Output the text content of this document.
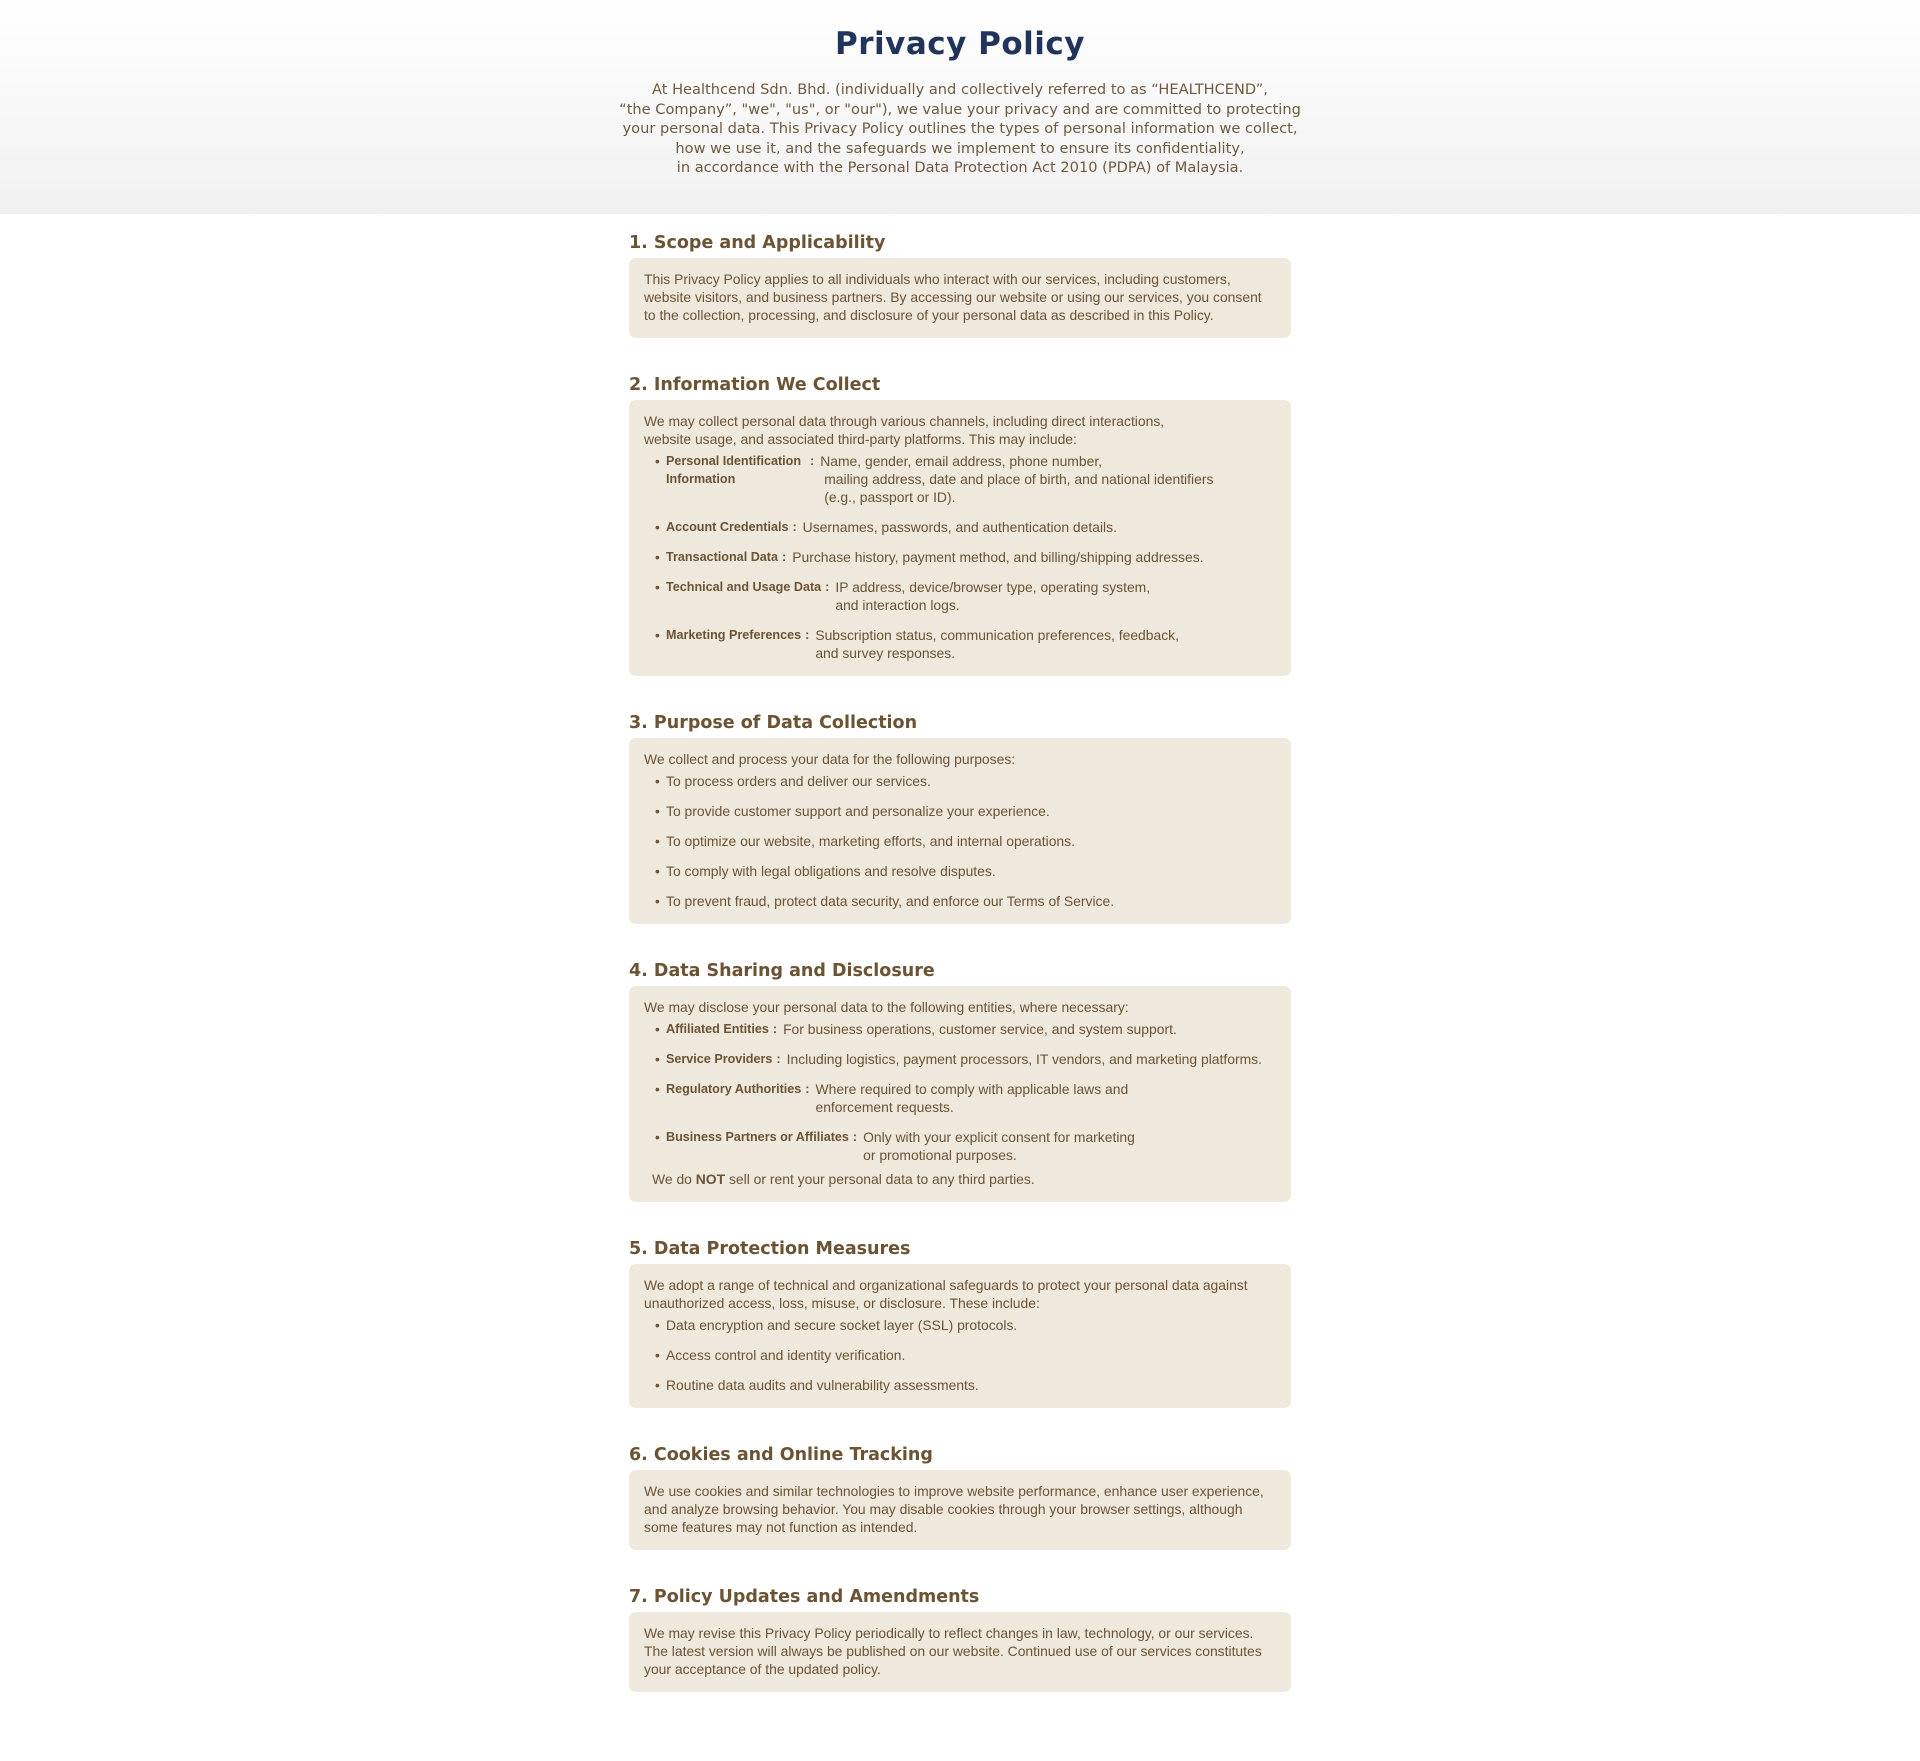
Privacy Policy
At Healthcend Sdn. Bhd. (individually and collectively referred to as “HEALTHCEND”,
“the Company”, "we", "us", or "our"), we value your privacy and are committed to protecting
your personal data. This Privacy Policy outlines the types of personal information we collect,
how we use it, and the safeguards we implement to ensure its confidentiality,
in accordance with the Personal Data Protection Act 2010 (PDPA) of Malaysia.
1. Scope and Applicability

This Privacy Policy applies to all individuals who interact with our services, including customers,
website visitors, and business partners. By accessing our website or using our services, you consent
to the collection, processing, and disclosure of your personal data as described in this Policy.

2. Information We Collect

We may collect personal data through various channels, including direct interactions,
website usage, and associated third-party platforms. This may include:

• Personal Identification Information
: Name, gender, email address, phone number,
mailing address, date and place of birth, and national identifiers
(e.g., passport or ID).
• Account Credentials : Usernames, passwords, and authentication details.
• Transactional Data : Purchase history, payment method, and billing/shipping addresses.
• Technical and Usage Data : IP address, device/browser type, operating system,
and interaction logs.
• Marketing Preferences : Subscription status, communication preferences, feedback,
and survey responses.
3. Purpose of Data Collection

We collect and process your data for the following purposes:

• To process orders and deliver our services.
• To provide customer support and personalize your experience.
• To optimize our website, marketing efforts, and internal operations.
• To comply with legal obligations and resolve disputes.
• To prevent fraud, protect data security, and enforce our Terms of Service.
4. Data Sharing and Disclosure

We may disclose your personal data to the following entities, where necessary:

• Affiliated Entities : For business operations, customer service, and system support.
• Service Providers : Including logistics, payment processors, IT vendors, and marketing platforms.
• Regulatory Authorities : Where required to comply with applicable laws and
enforcement requests.
• Business Partners or Affiliates : Only with your explicit consent for marketing
or promotional purposes.
We do NOT sell or rent your personal data to any third parties.
5. Data Protection Measures

We adopt a range of technical and organizational safeguards to protect your personal data against
unauthorized access, loss, misuse, or disclosure. These include:

• Data encryption and secure socket layer (SSL) protocols.
• Access control and identity verification.
• Routine data audits and vulnerability assessments.
6. Cookies and Online Tracking

We use cookies and similar technologies to improve website performance, enhance user experience,
and analyze browsing behavior. You may disable cookies through your browser settings, although
some features may not function as intended.

7. Policy Updates and Amendments

We may revise this Privacy Policy periodically to reflect changes in law, technology, or our services.
The latest version will always be published on our website. Continued use of our services constitutes
your acceptance of the updated policy.
